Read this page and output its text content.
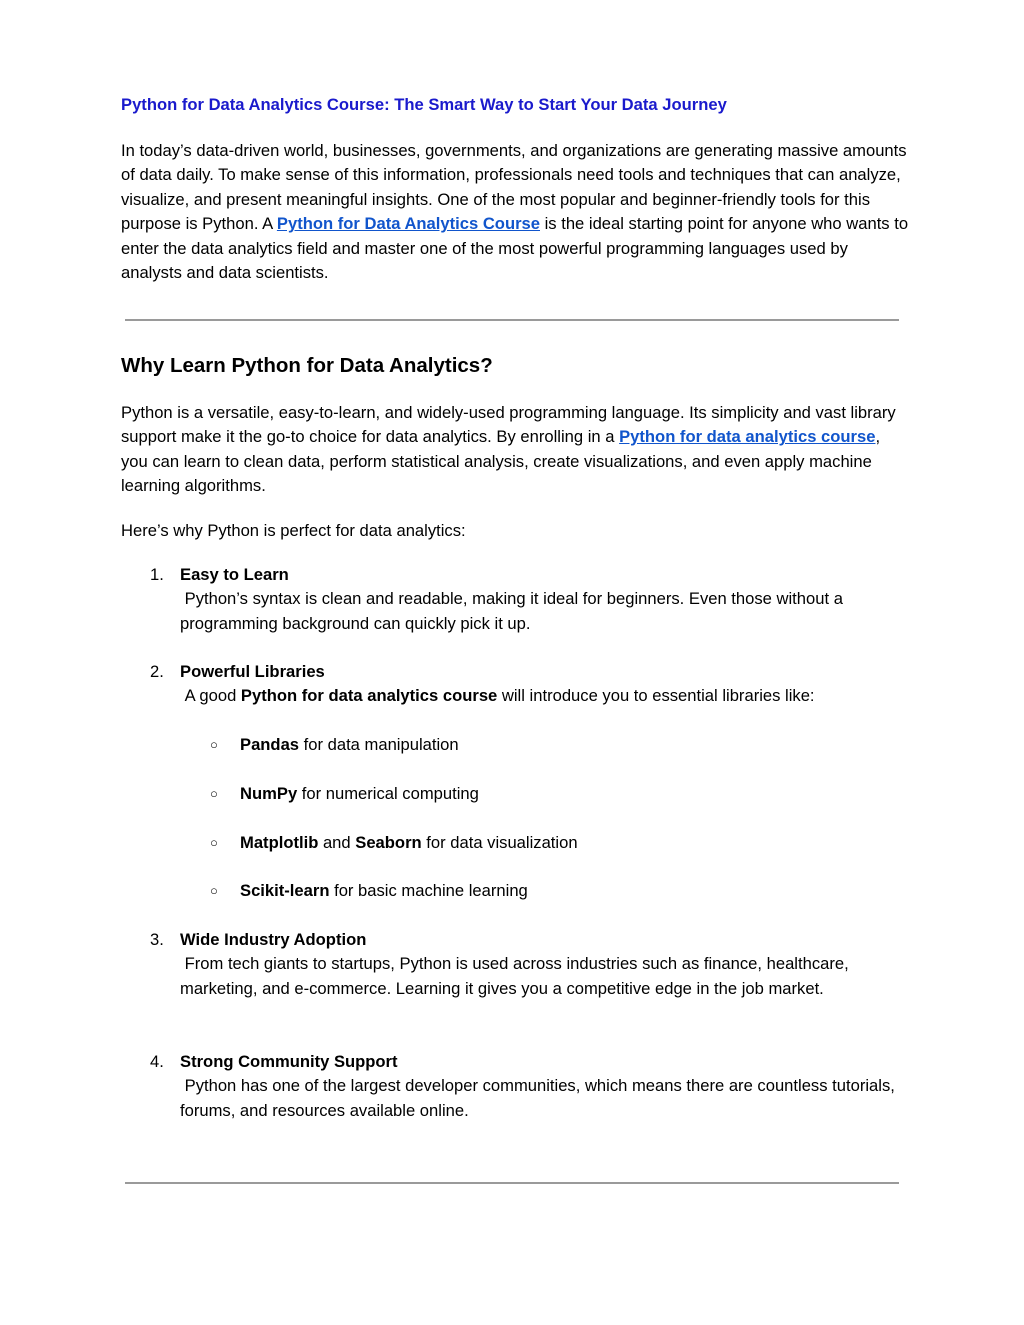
Python for Data Analytics Course: The Smart Way to Start Your Data Journey

In today’s data-driven world, businesses, governments, and organizations are generating massive amounts of data daily. To make sense of this information, professionals need tools and techniques that can analyze, visualize, and present meaningful insights. One of the most popular and beginner-friendly tools for this purpose is Python. A Python for Data Analytics Course is the ideal starting point for anyone who wants to enter the data analytics field and master one of the most powerful programming languages used by analysts and data scientists.

Why Learn Python for Data Analytics?

Python is a versatile, easy-to-learn, and widely-used programming language. Its simplicity and vast library support make it the go-to choice for data analytics. By enrolling in a Python for data analytics course, you can learn to clean data, perform statistical analysis, create visualizations, and even apply machine learning algorithms.

Here’s why Python is perfect for data analytics:

1. Easy to Learn
Python’s syntax is clean and readable, making it ideal for beginners. Even those without a programming background can quickly pick it up.
2. Powerful Libraries
A good Python for data analytics course will introduce you to essential libraries like:
○ Pandas for data manipulation
○ NumPy for numerical computing
○ Matplotlib and Seaborn for data visualization
○ Scikit-learn for basic machine learning
3. Wide Industry Adoption
From tech giants to startups, Python is used across industries such as finance, healthcare, marketing, and e-commerce. Learning it gives you a competitive edge in the job market.
4. Strong Community Support
Python has one of the largest developer communities, which means there are countless tutorials, forums, and resources available online.
